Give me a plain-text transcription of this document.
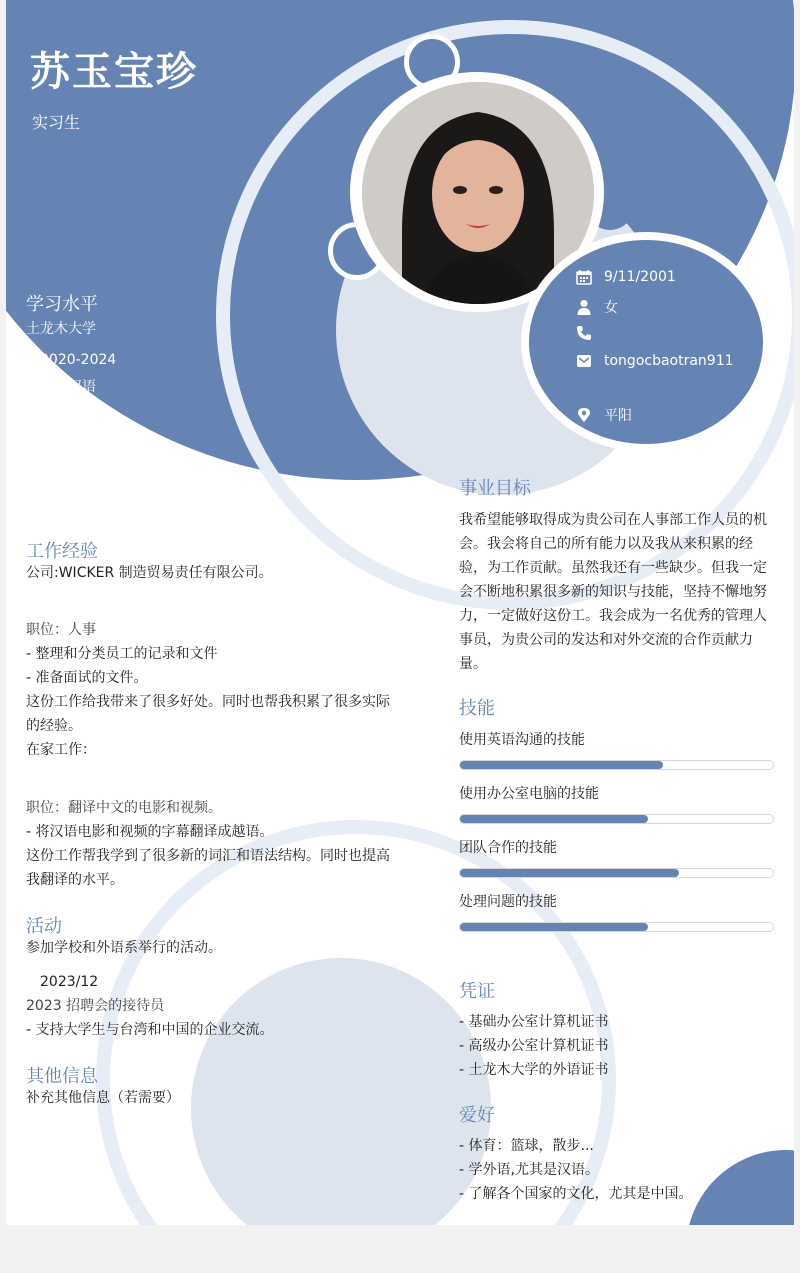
苏玉宝珍
实习生
学习水平
土龙木大学
2020-2024
专业：汉语
成绩：良好
9/11/2001
女
tongocbaotran911
平阳
工作经验
公司:WICKER 制造贸易责任有限公司。
职位：人事
- 整理和分类员工的记录和文件
- 准备面试的文件。
这份工作给我带来了很多好处。同时也帮我积累了很多实际
的经验。
在家工作：
职位：翻译中文的电影和视频。
- 将汉语电影和视频的字幕翻译成越语。
这份工作帮我学到了很多新的词汇和语法结构。同时也提高
我翻译的水平。
活动
参加学校和外语系举行的活动。
2023/12
2023 招聘会的接待员
- 支持大学生与台湾和中国的企业交流。
其他信息
补充其他信息（若需要）
事业目标
我希望能够取得成为贵公司在人事部工作人员的机
会。我会将自己的所有能力以及我从来积累的经
验，为工作贡献。虽然我还有一些缺少。但我一定
会不断地积累很多新的知识与技能，坚持不懈地努
力，一定做好这份工。我会成为一名优秀的管理人
事员，为贵公司的发达和对外交流的合作贡献力
量。
技能
使用英语沟通的技能
使用办公室电脑的技能
团队合作的技能
处理问题的技能
凭证
- 基础办公室计算机证书
- 高级办公室计算机证书
- 土龙木大学的外语证书
爱好
- 体育：篮球，散步...
- 学外语,尤其是汉语。
- 了解各个国家的文化，尤其是中国。
